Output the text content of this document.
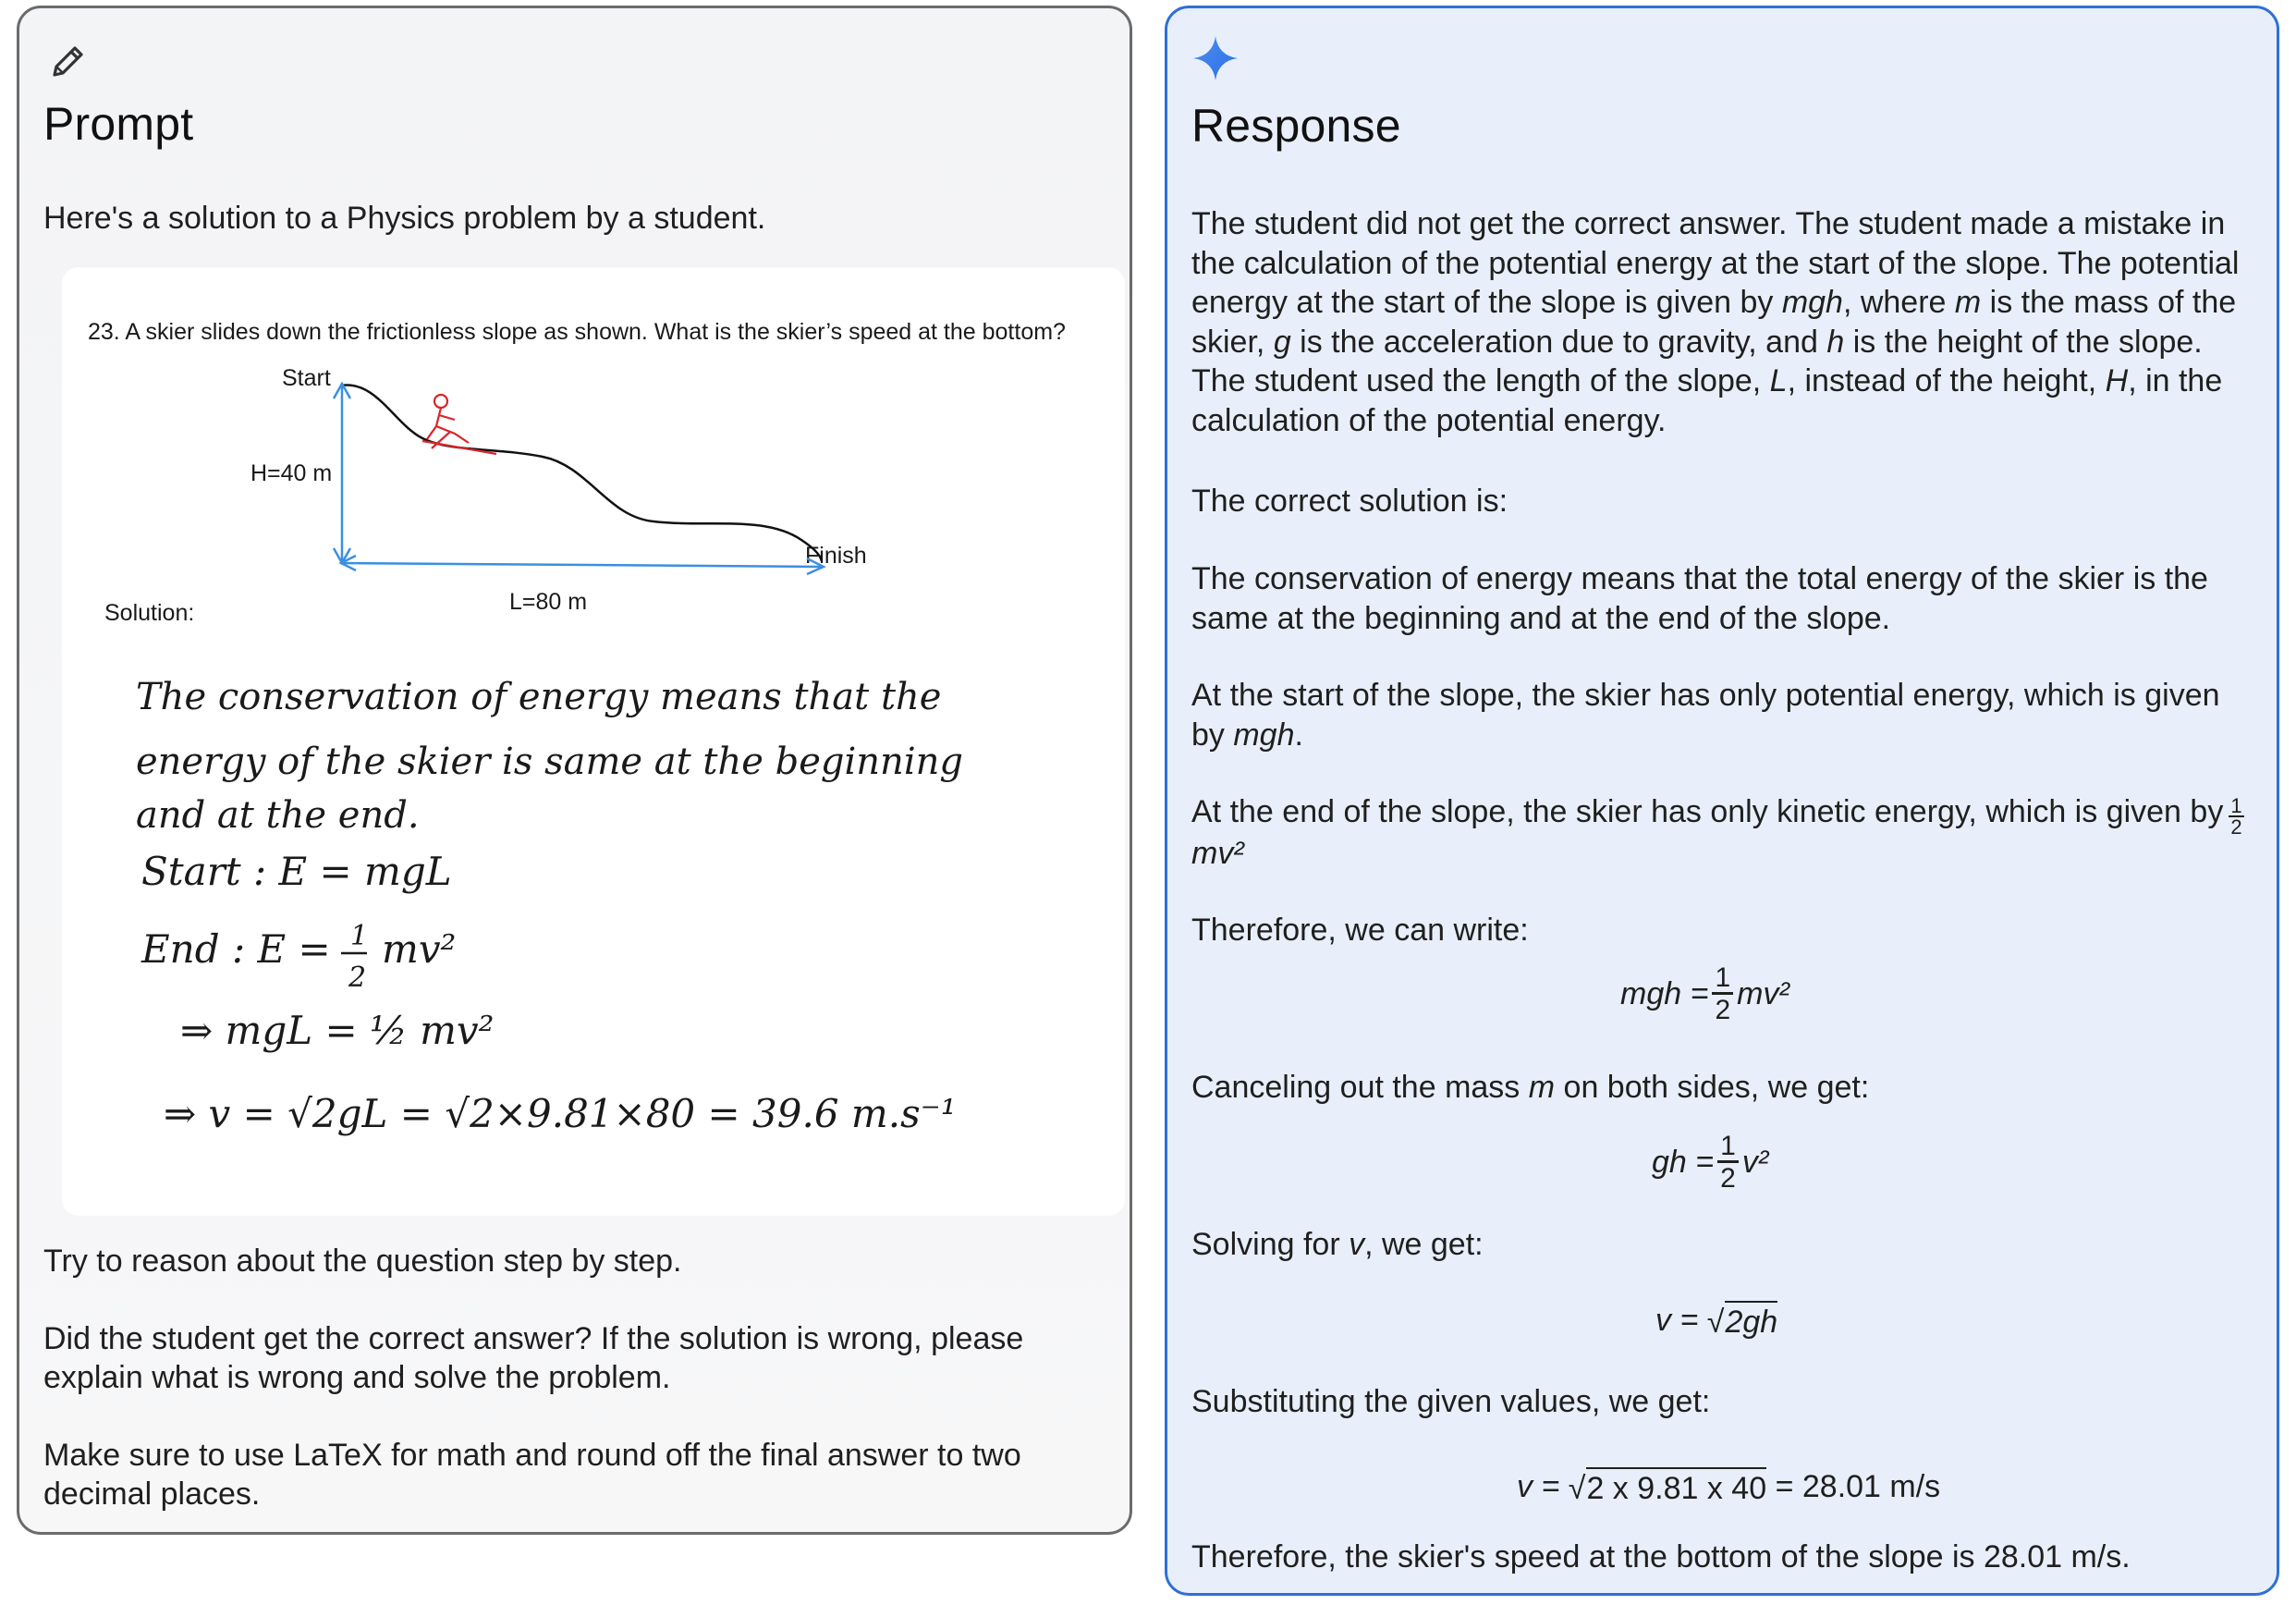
Prompt

Here's a solution to a Physics problem by a student.

23. A skier slides down the frictionless slope as shown. What is the skier’s speed at the bottom?
Start
H=40 m
Finish
L=80 m
Solution:
The conservation of energy means that the
energy of the skier is same at the beginning
and at the end.
Start : E = mgL
End : E = 1
2
mv²
⇒ mgL = ½ mv²
⇒ v = √2gL = √2×9.81×80 = 39.6 m.s⁻¹

Try to reason about the question step by step.

Did the student get the correct answer? If the solution is wrong, please explain what is wrong and solve the problem.

Make sure to use LaTeX for math and round off the final answer to two decimal places.

Response

The student did not get the correct answer. The student made a mistake in the calculation of the potential energy at the start of the slope. The potential energy at the start of the slope is given by mgh, where m is the mass of the skier, g is the acceleration due to gravity, and h is the height of the slope. The student used the length of the slope, L, instead of the height, H, in the calculation of the potential energy.

The correct solution is:

The conservation of energy means that the total energy of the skier is the same at the beginning and at the end of the slope.

At the start of the slope, the skier has only potential energy, which is given by mgh.

At the end of the slope, the skier has only kinetic energy, which is given by $\frac{1}{2}$
mv²

Therefore, we can write:

mgh = $\frac{1}{2} mv^2$

Canceling out the mass m on both sides, we get:

gh = $\frac{1}{2} v^2$

Solving for v, we get:

v =
√ 2gh

Substituting the given values, we get:

v =
√ 2 x 9.81 x 40
= 28.01 m/s

Therefore, the skier's speed at the bottom of the slope is 28.01 m/s.
